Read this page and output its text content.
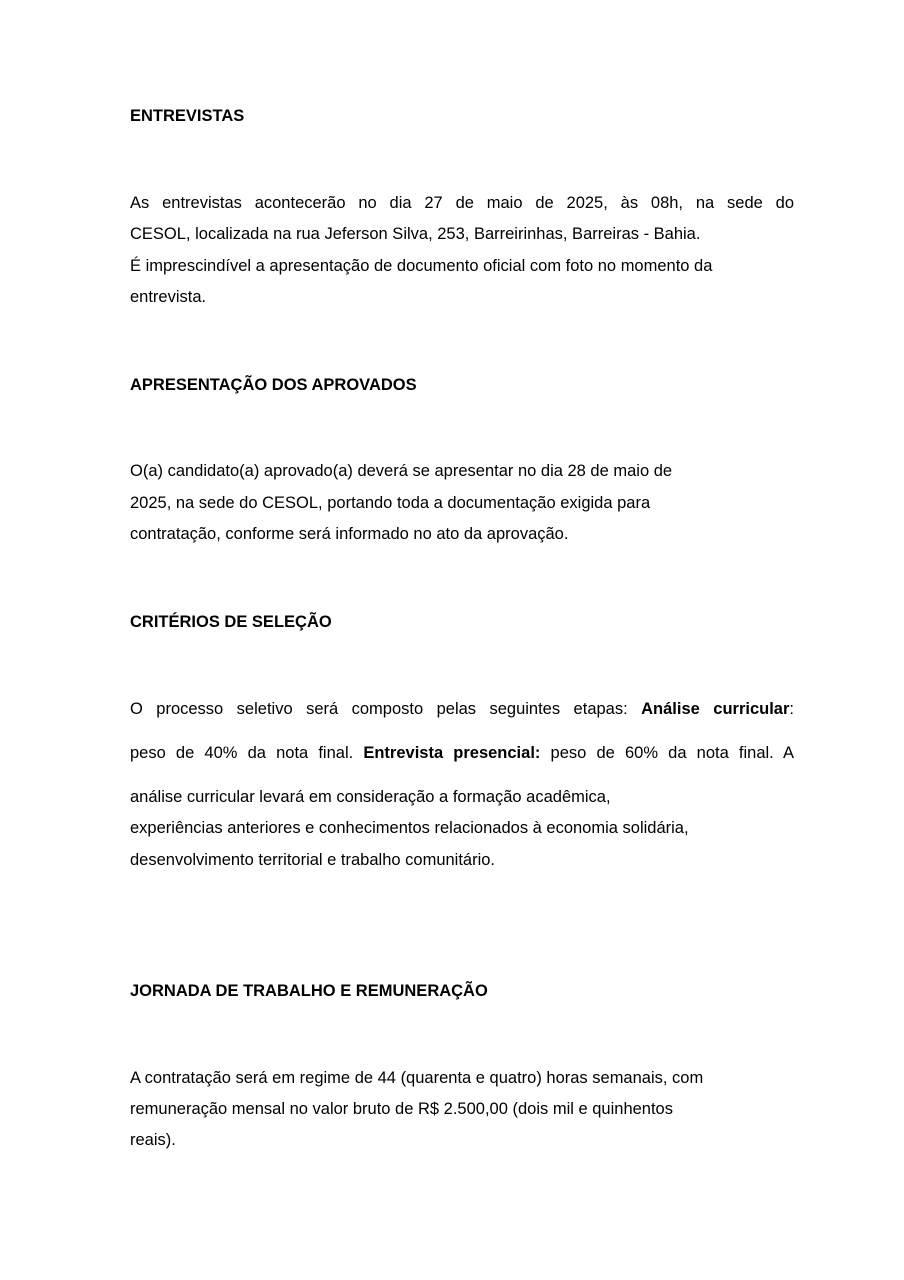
ENTREVISTAS

As entrevistas acontecerão no dia 27 de maio de 2025, às 08h, na sede do

CESOL, localizada na rua Jeferson Silva, 253, Barreirinhas, Barreiras - Bahia.

É imprescindível a apresentação de documento oficial com foto no momento da

entrevista.

APRESENTAÇÃO DOS APROVADOS

O(a) candidato(a) aprovado(a) deverá se apresentar no dia 28 de maio de

2025, na sede do CESOL, portando toda a documentação exigida para

contratação, conforme será informado no ato da aprovação.

CRITÉRIOS DE SELEÇÃO

O processo seletivo será composto pelas seguintes etapas: Análise curricular:

peso de 40% da nota final. Entrevista presencial: peso de 60% da nota final. A

análise curricular levará em consideração a formação acadêmica,

experiências anteriores e conhecimentos relacionados à economia solidária,

desenvolvimento territorial e trabalho comunitário.

JORNADA DE TRABALHO E REMUNERAÇÃO

A contratação será em regime de 44 (quarenta e quatro) horas semanais, com

remuneração mensal no valor bruto de R$ 2.500,00 (dois mil e quinhentos

reais).
